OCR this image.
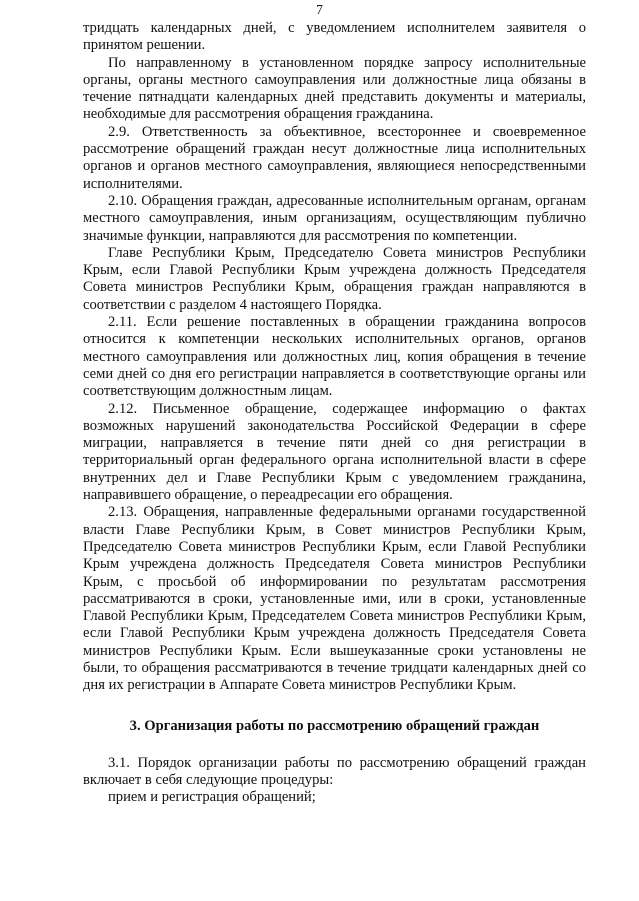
7

тридцать календарных дней, с уведомлением исполнителем заявителя о принятом решении.

По направленному в установленном порядке запросу исполнительные органы, органы местного самоуправления или должностные лица обязаны в течение пятнадцати календарных дней представить документы и материалы, необходимые для рассмотрения обращения гражданина.

2.9. Ответственность за объективное, всестороннее и своевременное рассмотрение обращений граждан несут должностные лица исполнительных органов и органов местного самоуправления, являющиеся непосредственными исполнителями.

2.10. Обращения граждан, адресованные исполнительным органам, органам местного самоуправления, иным организациям, осуществляющим публично значимые функции, направляются для рассмотрения по компетенции.

Главе Республики Крым, Председателю Совета министров Республики Крым, если Главой Республики Крым учреждена должность Председателя Совета министров Республики Крым, обращения граждан направляются в соответствии с разделом 4 настоящего Порядка.

2.11. Если решение поставленных в обращении гражданина вопросов относится к компетенции нескольких исполнительных органов, органов местного самоуправления или должностных лиц, копия обращения в течение семи дней со дня его регистрации направляется в соответствующие органы или соответствующим должностным лицам.

2.12. Письменное обращение, содержащее информацию о фактах возможных нарушений законодательства Российской Федерации в сфере миграции, направляется в течение пяти дней со дня регистрации в территориальный орган федерального органа исполнительной власти в сфере внутренних дел и Главе Республики Крым с уведомлением гражданина, направившего обращение, о переадресации его обращения.

2.13. Обращения, направленные федеральными органами государственной власти Главе Республики Крым, в Совет министров Республики Крым, Председателю Совета министров Республики Крым, если Главой Республики Крым учреждена должность Председателя Совета министров Республики Крым, с просьбой об информировании по результатам рассмотрения рассматриваются в сроки, установленные ими, или в сроки, установленные Главой Республики Крым, Председателем Совета министров Республики Крым, если Главой Республики Крым учреждена должность Председателя Совета министров Республики Крым. Если вышеуказанные сроки установлены не были, то обращения рассматриваются в течение тридцати календарных дней со дня их регистрации в Аппарате Совета министров Республики Крым.

3. Организация работы по рассмотрению обращений граждан

3.1. Порядок организации работы по рассмотрению обращений граждан включает в себя следующие процедуры:

прием и регистрация обращений;
